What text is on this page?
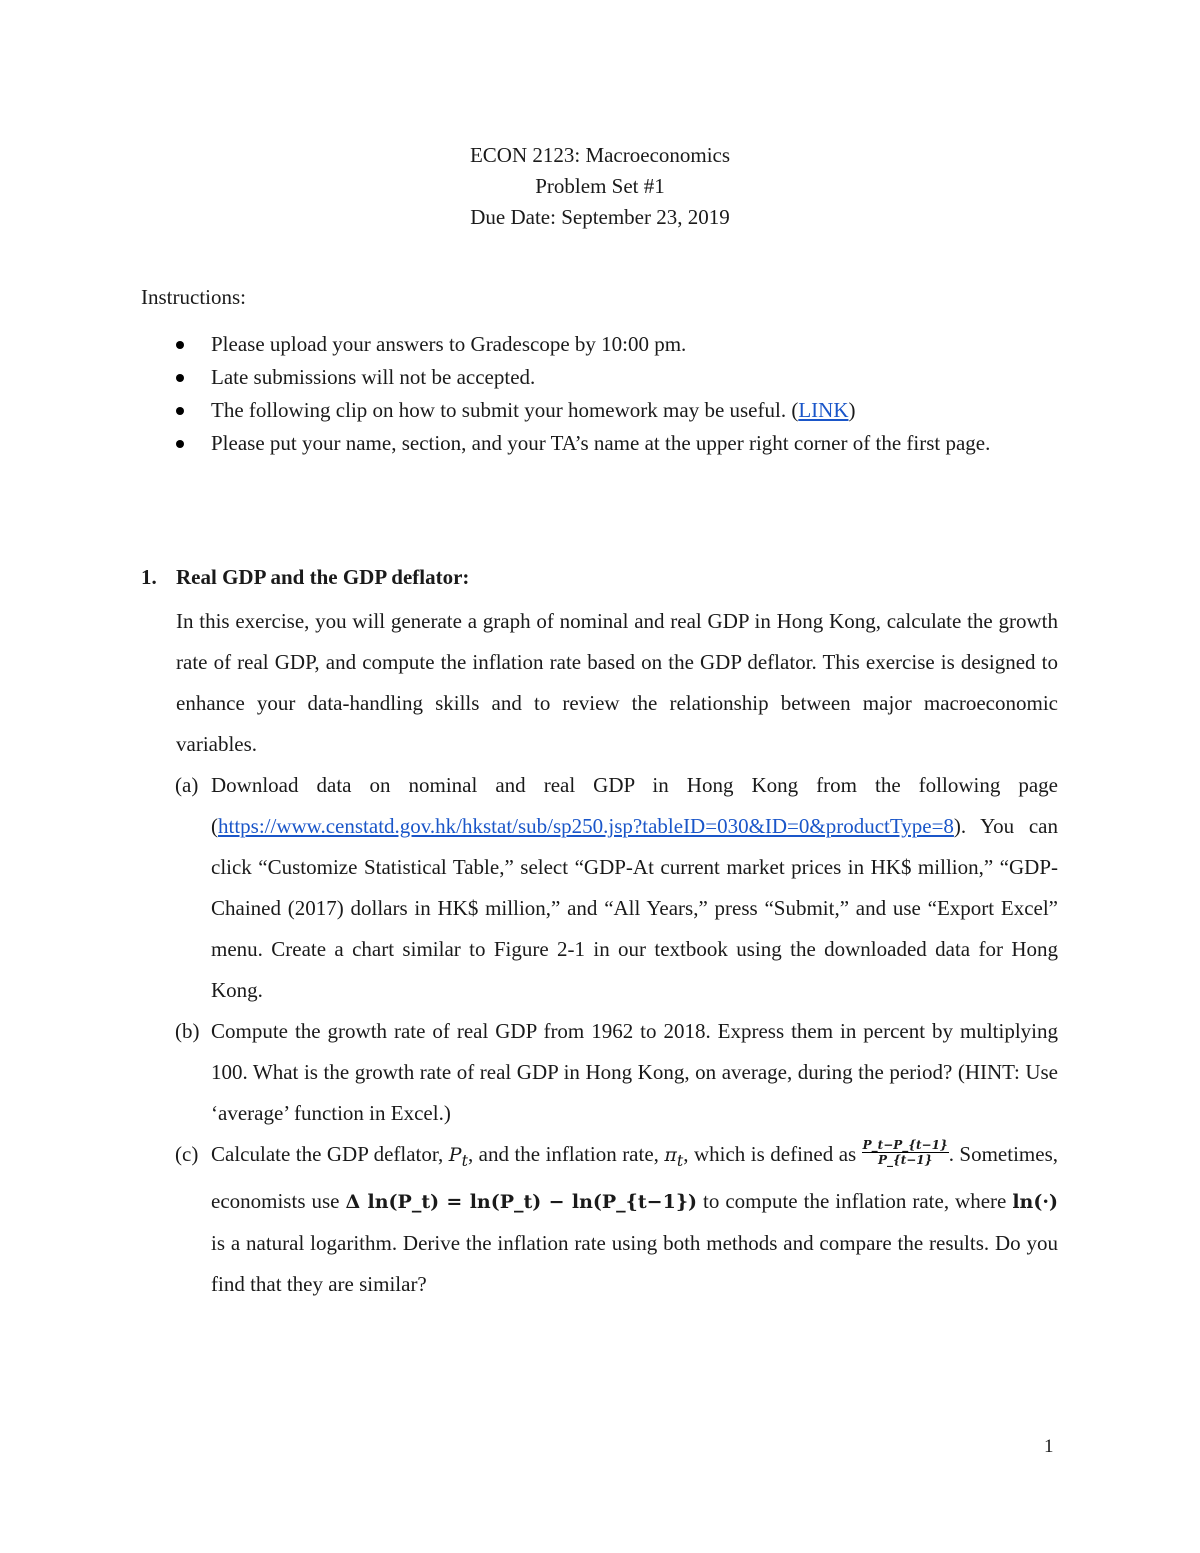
ECON 2123: Macroeconomics
Problem Set #1
Due Date: September 23, 2019
Instructions:
Please upload your answers to Gradescope by 10:00 pm.
Late submissions will not be accepted.
The following clip on how to submit your homework may be useful. (LINK)
Please put your name, section, and your TA’s name at the upper right corner of the first page.
1. Real GDP and the GDP deflator:
In this exercise, you will generate a graph of nominal and real GDP in Hong Kong, calculate the growth rate of real GDP, and compute the inflation rate based on the GDP deflator. This exercise is designed to enhance your data-handling skills and to review the relationship between major macroeconomic variables.
(a) Download data on nominal and real GDP in Hong Kong from the following page (https://www.censtatd.gov.hk/hkstat/sub/sp250.jsp?tableID=030&ID=0&productType=8). You can click “Customize Statistical Table,” select “GDP-At current market prices in HK$ million,” “GDP-Chained (2017) dollars in HK$ million,” and “All Years,” press “Submit,” and use “Export Excel” menu. Create a chart similar to Figure 2-1 in our textbook using the downloaded data for Hong Kong.
(b) Compute the growth rate of real GDP from 1962 to 2018. Express them in percent by multiplying 100. What is the growth rate of real GDP in Hong Kong, on average, during the period? (HINT: Use ‘average’ function in Excel.)
(c) Calculate the GDP deflator, $P_t$, and the inflation rate, $\pi_t$, which is defined as $\frac{P\_t-P\_\{t-1\}}{P\_\{t-1\}}$ . Sometimes, economists use Δ ln(P_t) = ln(P_t) − ln(P_{t−1}) to compute the inflation rate, where ln(·) is a natural logarithm. Derive the inflation rate using both methods and compare the results. Do you find that they are similar?
1
